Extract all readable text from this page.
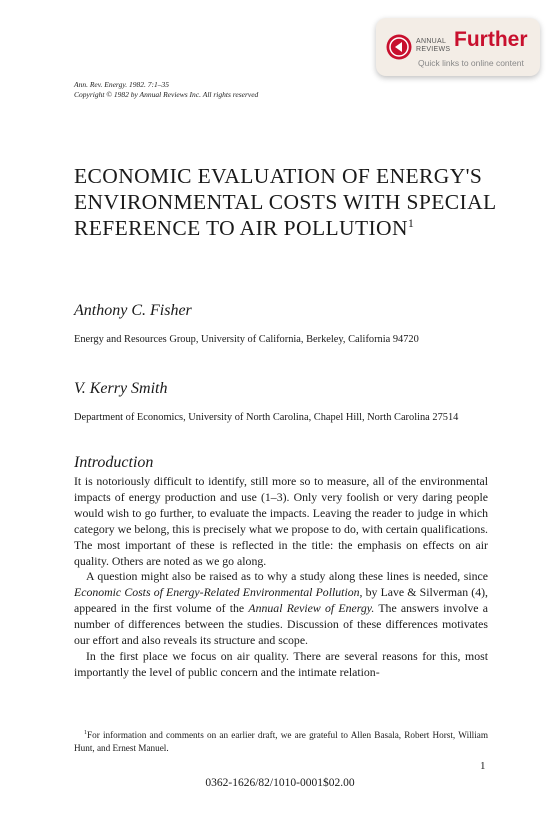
ANNUAL
REVIEWS Further
Quick links to online content
Ann. Rev. Energy. 1982. 7:1–35
Copyright © 1982 by Annual Reviews Inc. All rights reserved
ECONOMIC EVALUATION OF ENERGY'S ENVIRONMENTAL COSTS WITH SPECIAL REFERENCE TO AIR POLLUTION$^1$
Anthony C. Fisher
Energy and Resources Group, University of California, Berkeley, California 94720
V. Kerry Smith
Department of Economics, University of North Carolina, Chapel Hill, North Carolina 27514
Introduction

It is notoriously difficult to identify, still more so to measure, all of the environmental impacts of energy production and use (1–3). Only very foolish or very daring people would wish to go further, to evaluate the impacts. Leaving the reader to judge in which category we belong, this is precisely what we propose to do, with certain qualifications. The most important of these is reflected in the title: the emphasis on effects on air quality. Others are noted as we go along.

A question might also be raised as to why a study along these lines is needed, since Economic Costs of Energy-Related Environmental Pollution, by Lave & Silverman (4), appeared in the first volume of the Annual Review of Energy. The answers involve a number of differences between the studies. Discussion of these differences motivates our effort and also reveals its structure and scope.

In the first place we focus on air quality. There are several reasons for this, most importantly the level of public concern and the intimate relation-

$^1$For information and comments on an earlier draft, we are grateful to Allen Basala, Robert Horst, William Hunt, and Ernest Manuel.
1
0362-1626/82/1010-0001$02.00
